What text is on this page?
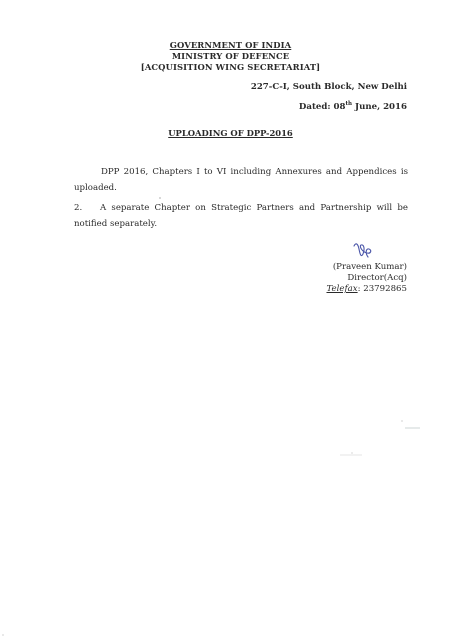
GOVERNMENT OF INDIA
MINISTRY OF DEFENCE
[ACQUISITION WING SECRETARIAT]
227-C-I, South Block, New Delhi
Dated: 08th June, 2016
UPLOADING OF DPP-2016
DPP 2016, Chapters I to VI including Annexures and Appendices is uploaded.
2. A separate Chapter on Strategic Partners and Partnership will be notified separately.
(Praveen Kumar)
Director(Acq)
Telefax: 23792865
